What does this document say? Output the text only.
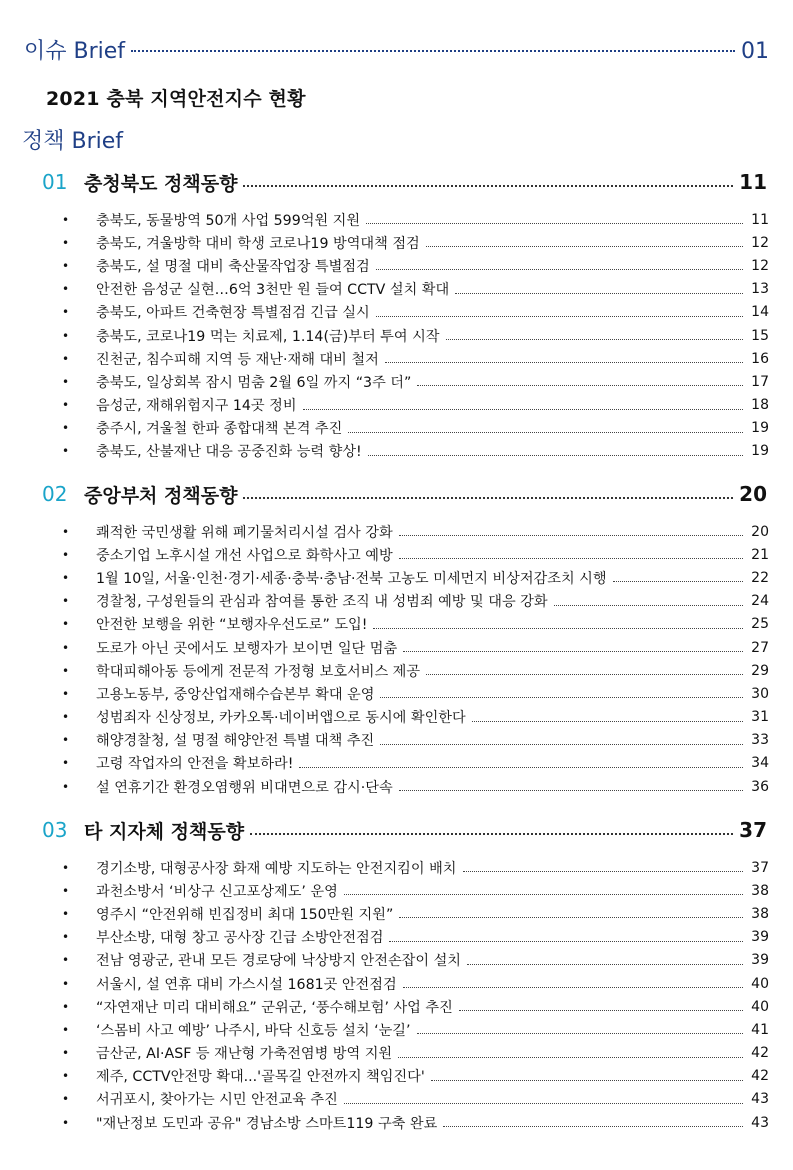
이슈 Brief	01
2021 충북 지역안전지수 현황
정책 Brief
01 충청북도 정책동향	11
•	충북도, 동물방역 50개 사업 599억원 지원	11
•	충북도, 겨울방학 대비 학생 코로나19 방역대책 점검	12
•	충북도, 설 명절 대비 축산물작업장 특별점검	12
•	안전한 음성군 실현…6억 3천만 원 들여 CCTV 설치 확대	13
•	충북도, 아파트 건축현장 특별점검 긴급 실시	14
•	충북도, 코로나19 먹는 치료제, 1.14(금)부터 투여 시작	15
•	진천군, 침수피해 지역 등 재난·재해 대비 철저	16
•	충북도, 일상회복 잠시 멈춤 2월 6일 까지 “3주 더”	17
•	음성군, 재해위험지구 14곳 정비	18
•	충주시, 겨울철 한파 종합대책 본격 추진	19
•	충북도, 산불재난 대응 공중진화 능력 향상!	19
02 중앙부처 정책동향	20
•	쾌적한 국민생활 위해 폐기물처리시설 검사 강화	20
•	중소기업 노후시설 개선 사업으로 화학사고 예방	21
•	1월 10일, 서울·인천·경기·세종·충북·충남·전북 고농도 미세먼지 비상저감조치 시행	22
•	경찰청, 구성원들의 관심과 참여를 통한 조직 내 성범죄 예방 및 대응 강화	24
•	안전한 보행을 위한 “보행자우선도로” 도입!	25
•	도로가 아닌 곳에서도 보행자가 보이면 일단 멈춤	27
•	학대피해아동 등에게 전문적 가정형 보호서비스 제공	29
•	고용노동부, 중앙산업재해수습본부 확대 운영	30
•	성범죄자 신상정보, 카카오톡·네이버앱으로 동시에 확인한다	31
•	해양경찰청, 설 명절 해양안전 특별 대책 추진	33
•	고령 작업자의 안전을 확보하라!	34
•	설 연휴기간 환경오염행위 비대면으로 감시·단속	36
03 타 지자체 정책동향	37
•	경기소방, 대형공사장 화재 예방 지도하는 안전지킴이 배치	37
•	과천소방서 ‘비상구 신고포상제도’ 운영	38
•	영주시 “안전위해 빈집정비 최대 150만원 지원”	38
•	부산소방, 대형 창고 공사장 긴급 소방안전점검	39
•	전남 영광군, 관내 모든 경로당에 낙상방지 안전손잡이 설치	39
•	서울시, 설 연휴 대비 가스시설 1681곳 안전점검	40
•	“자연재난 미리 대비해요” 군위군, ‘풍수해보험’ 사업 추진	40
•	‘스몸비 사고 예방’ 나주시, 바닥 신호등 설치 ‘눈길’	41
•	금산군, AI·ASF 등 재난형 가축전염병 방역 지원	42
•	제주, CCTV안전망 확대...'골목길 안전까지 책임진다'	42
•	서귀포시, 찾아가는 시민 안전교육 추진	43
•	"재난정보 도민과 공유" 경남소방 스마트119 구축 완료	43
